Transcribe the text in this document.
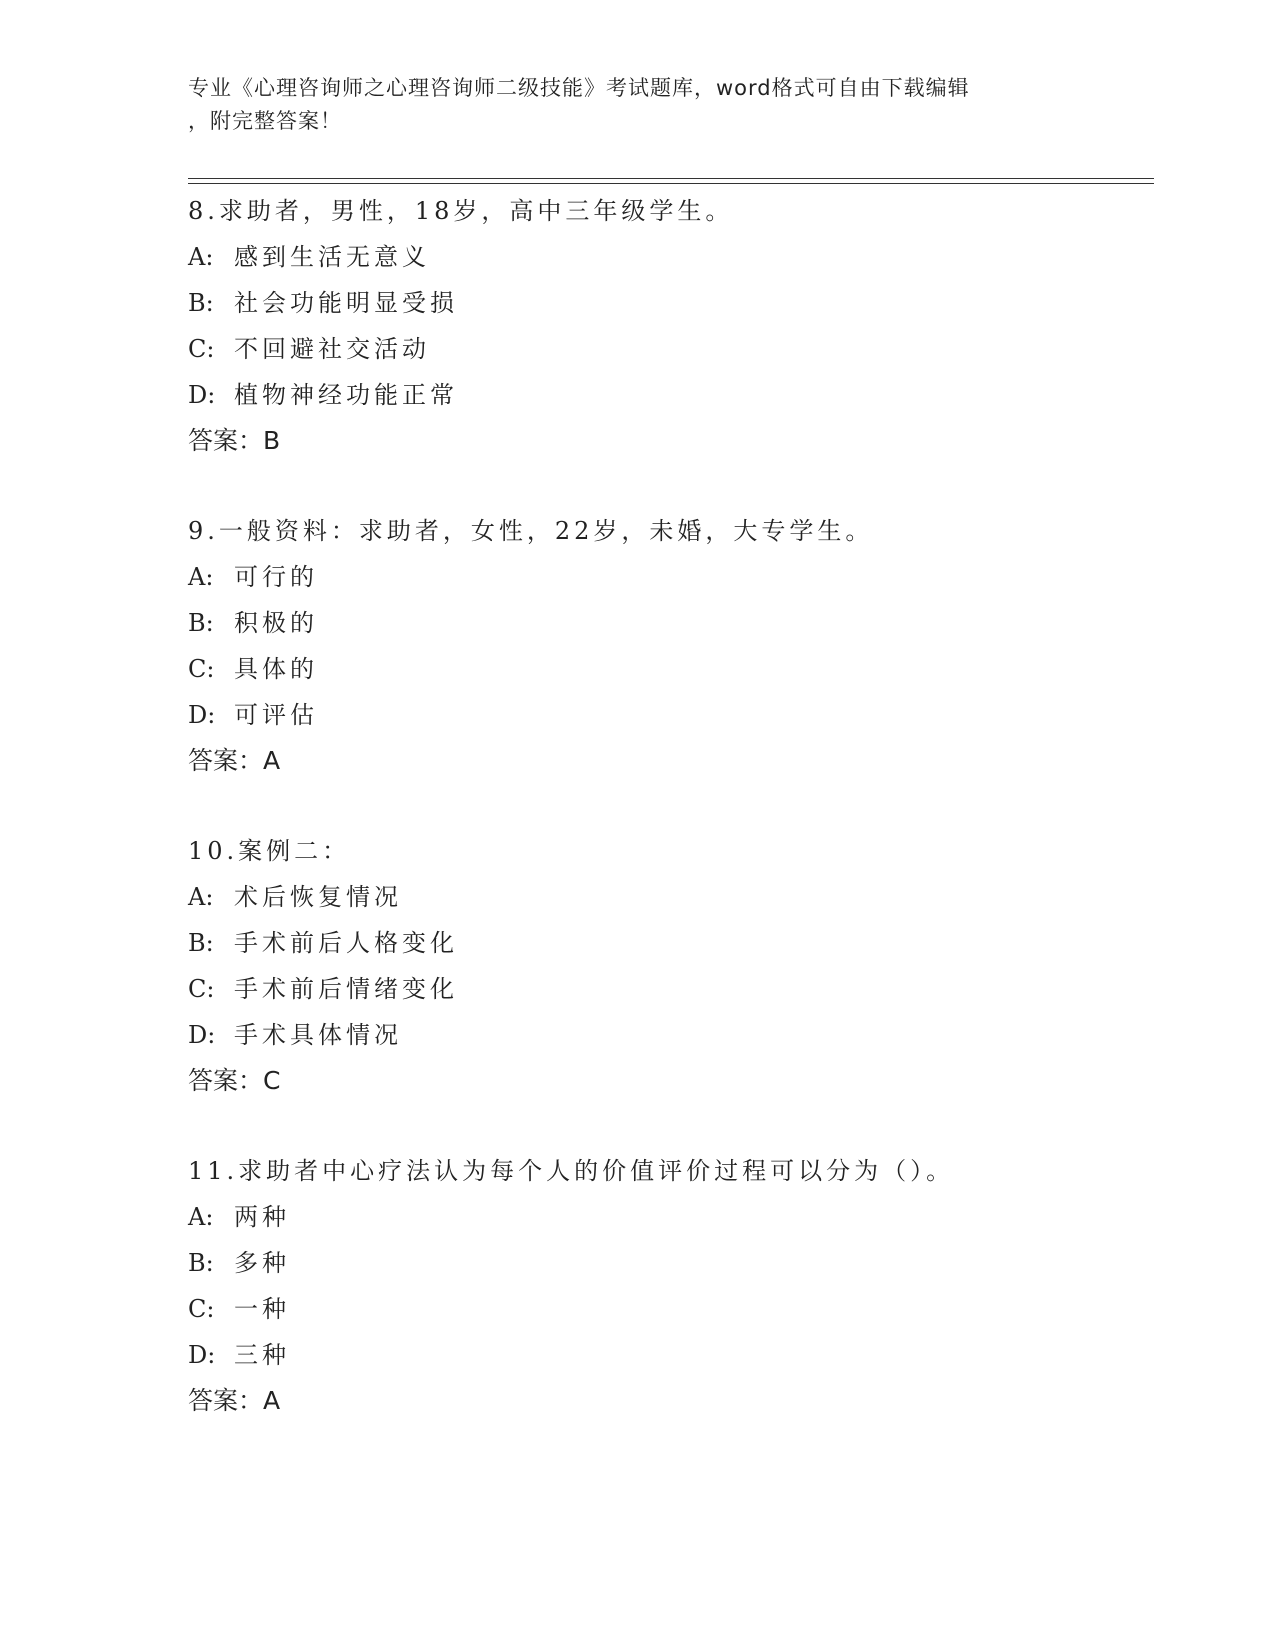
专业《心理咨询师之心理咨询师二级技能》考试题库，word格式可自由下载编辑
，附完整答案！
8.求助者，男性，18岁，高中三年级学生。
A: 感到生活无意义
B: 社会功能明显受损
C: 不回避社交活动
D: 植物神经功能正常
答案：B
9.一般资料：求助者，女性，22岁，未婚，大专学生。
A: 可行的
B: 积极的
C: 具体的
D: 可评估
答案：A
10.案例二：
A: 术后恢复情况
B: 手术前后人格变化
C: 手术前后情绪变化
D: 手术具体情况
答案：C
11.求助者中心疗法认为每个人的价值评价过程可以分为（）。
A: 两种
B: 多种
C: 一种
D: 三种
答案：A
